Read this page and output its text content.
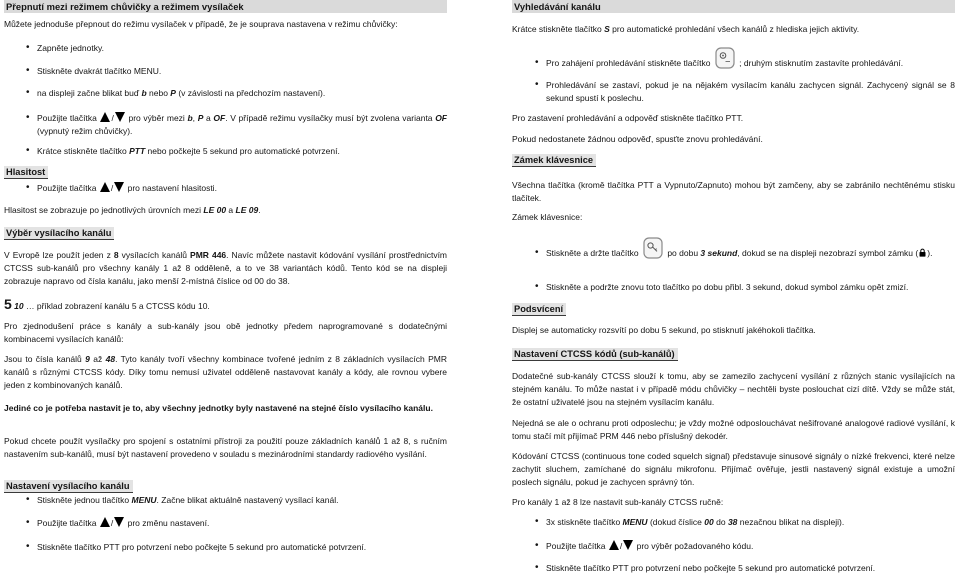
Přepnutí mezi režimem chůvičky a režimem vysílaček

Můžete jednoduše přepnout do režimu vysílaček v případě, že je souprava nastavena v režimu chůvičky:

• Zapněte jednotky.

• Stiskněte dvakrát tlačítko MENU.

• na displeji začne blikat buď b nebo P (v závislosti na předchozím nastavení).

• Použijte tlačítka / pro výběr mezi b, P a OF. V případě režimu vysílačky musí být zvolena varianta OF (vypnutý režim chůvičky).

• Krátce stiskněte tlačítko PTT nebo počkejte 5 sekund pro automatické potvrzení.

Hlasitost

• Použijte tlačítka / pro nastavení hlasitosti.

Hlasitost se zobrazuje po jednotlivých úrovních mezi LE 00 a LE 09.

Výběr vysílacího kanálu

V Evropě lze použít jeden z 8 vysílacích kanálů PMR 446. Navíc můžete nastavit kódování vysílání prostřednictvím CTCSS sub-kanálů pro všechny kanály 1 až 8 odděleně, a to ve 38 variantách kódů. Tento kód se na displeji zobrazuje napravo od čísla kanálu, jako menší 2-místná číslice od 00 do 38.

5 10 … příklad zobrazení kanálu 5 a CTCSS kódu 10.

Pro zjednodušení práce s kanály a sub-kanály jsou obě jednotky předem naprogramované s dodatečnými kombinacemi vysílacích kanálů:

Jsou to čísla kanálů 9 až 48. Tyto kanály tvoří všechny kombinace tvořené jedním z 8 základních vysílacích PMR kanálů s různými CTCSS kódy. Díky tomu nemusí uživatel odděleně nastavovat kanály a kódy, ale rovnou vybere jeden z kombinovaných kanálů.

Jediné co je potřeba nastavit je to, aby všechny jednotky byly nastavené na stejné číslo vysílacího kanálu.

Pokud chcete použít vysílačky pro spojení s ostatními přístroji za použití pouze základních kanálů 1 až 8, s ručním nastavením sub-kanálů, musí být nastavení provedeno v souladu s mezinárodními standardy radiového vysílání.

Nastavení vysílacího kanálu

• Stiskněte jednou tlačítko MENU. Začne blikat aktuálně nastavený vysílací kanál.

• Použijte tlačítka / pro změnu nastavení.

• Stiskněte tlačítko PTT pro potvrzení nebo počkejte 5 sekund pro automatické potvrzení.

Vyhledávání kanálu

Krátce stiskněte tlačítko S pro automatické prohledání všech kanálů z hlediska jejich aktivity.

• Pro zahájení prohledávání stiskněte tlačítko	; druhým stisknutím zastavíte prohledávání.

• Prohledávání se zastaví, pokud je na nějakém vysílacím kanálu zachycen signál. Zachycený signál se 8 sekund spustí k poslechu.

Pro zastavení prohledávání a odpověď stiskněte tlačítko PTT.

Pokud nedostanete žádnou odpověď, spusťte znovu prohledávání.

Zámek klávesnice

Všechna tlačítka (kromě tlačítka PTT a Vypnuto/Zapnuto) mohou být zamčeny, aby se zabránilo nechtěnému stisku tlačítek.

Zámek klávesnice:

• Stiskněte a držte tlačítko	po dobu 3 sekund, dokud se na displeji nezobrazí symbol zámku ( ).

• Stiskněte a podržte znovu toto tlačítko po dobu přibl. 3 sekund, dokud symbol zámku opět zmizí.

Podsvícení

Displej se automaticky rozsvítí po dobu 5 sekund, po stisknutí jakéhokoli tlačítka.

Nastavení CTCSS kódů (sub-kanálů)

Dodatečné sub-kanály CTCSS slouží k tomu, aby se zamezilo zachycení vysílání z různých stanic vysílajících na stejném kanálu. To může nastat i v případě módu chůvičky – nechtěli byste poslouchat cizí dítě. Vždy se může stát, že ostatní uživatelé jsou na stejném vysílacím kanálu.

Nejedná se ale o ochranu proti odposlechu; je vždy možné odposlouchávat nešifrované analogové radiové vysílání, k tomu stačí mít přijímač PRM 446 nebo příslušný dekodér.

Kódování CTCSS (continuous tone coded squelch signal) představuje sinusové signály o nízké frekvenci, které nelze zachytit sluchem, zamíchané do signálu mikrofonu. Přijímač ověřuje, jestli nastavený signál existuje a umožní poslech signálu, pokud je zachycen správný tón.

Pro kanály 1 až 8 lze nastavit sub-kanály CTCSS ručně:

• 3x stiskněte tlačítko MENU (dokud číslice 00 do 38 nezačnou blikat na displeji).

• Použijte tlačítka / pro výběr požadovaného kódu.

• Stiskněte tlačítko PTT pro potvrzení nebo počkejte 5 sekund pro automatické potvrzení.
